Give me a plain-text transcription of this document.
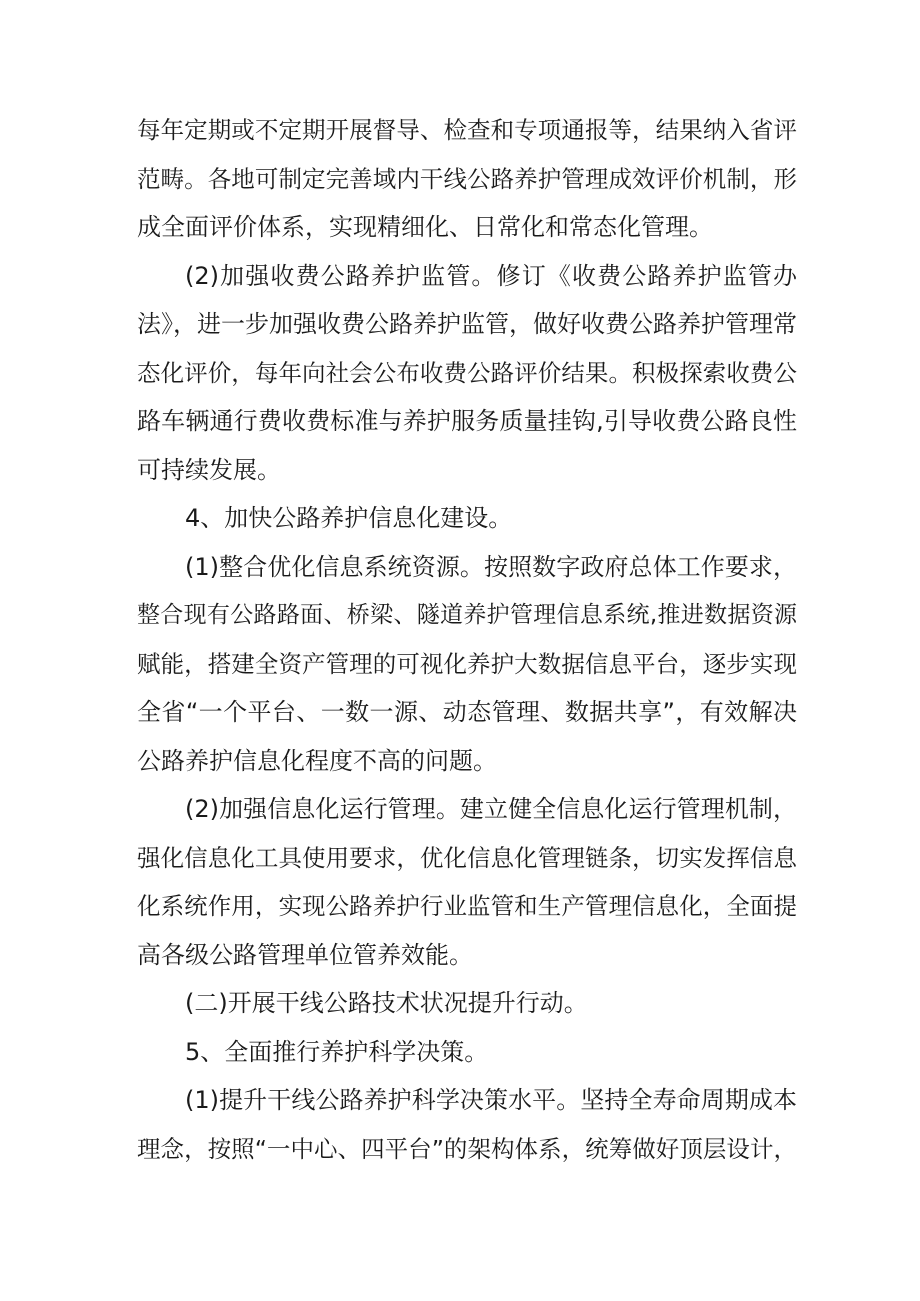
每年定期或不定期开展督导、检查和专项通报等，结果纳入省评
范畴。各地可制定完善域内干线公路养护管理成效评价机制，形
成全面评价体系，实现精细化、日常化和常态化管理。
(2)加强收费公路养护监管。修订《收费公路养护监管办
法》，进一步加强收费公路养护监管，做好收费公路养护管理常
态化评价，每年向社会公布收费公路评价结果。积极探索收费公
路车辆通行费收费标准与养护服务质量挂钩,引导收费公路良性
可持续发展。
4、加快公路养护信息化建设。
(1)整合优化信息系统资源。按照数字政府总体工作要求，
整合现有公路路面、桥梁、隧道养护管理信息系统,推进数据资源
赋能，搭建全资产管理的可视化养护大数据信息平台，逐步实现
全省“一个平台、一数一源、动态管理、数据共享”，有效解决
公路养护信息化程度不高的问题。
(2)加强信息化运行管理。建立健全信息化运行管理机制，
强化信息化工具使用要求，优化信息化管理链条，切实发挥信息
化系统作用，实现公路养护行业监管和生产管理信息化，全面提
高各级公路管理单位管养效能。
(二)开展干线公路技术状况提升行动。
5、全面推行养护科学决策。
(1)提升干线公路养护科学决策水平。坚持全寿命周期成本
理念，按照“一中心、四平台”的架构体系，统筹做好顶层设计，
